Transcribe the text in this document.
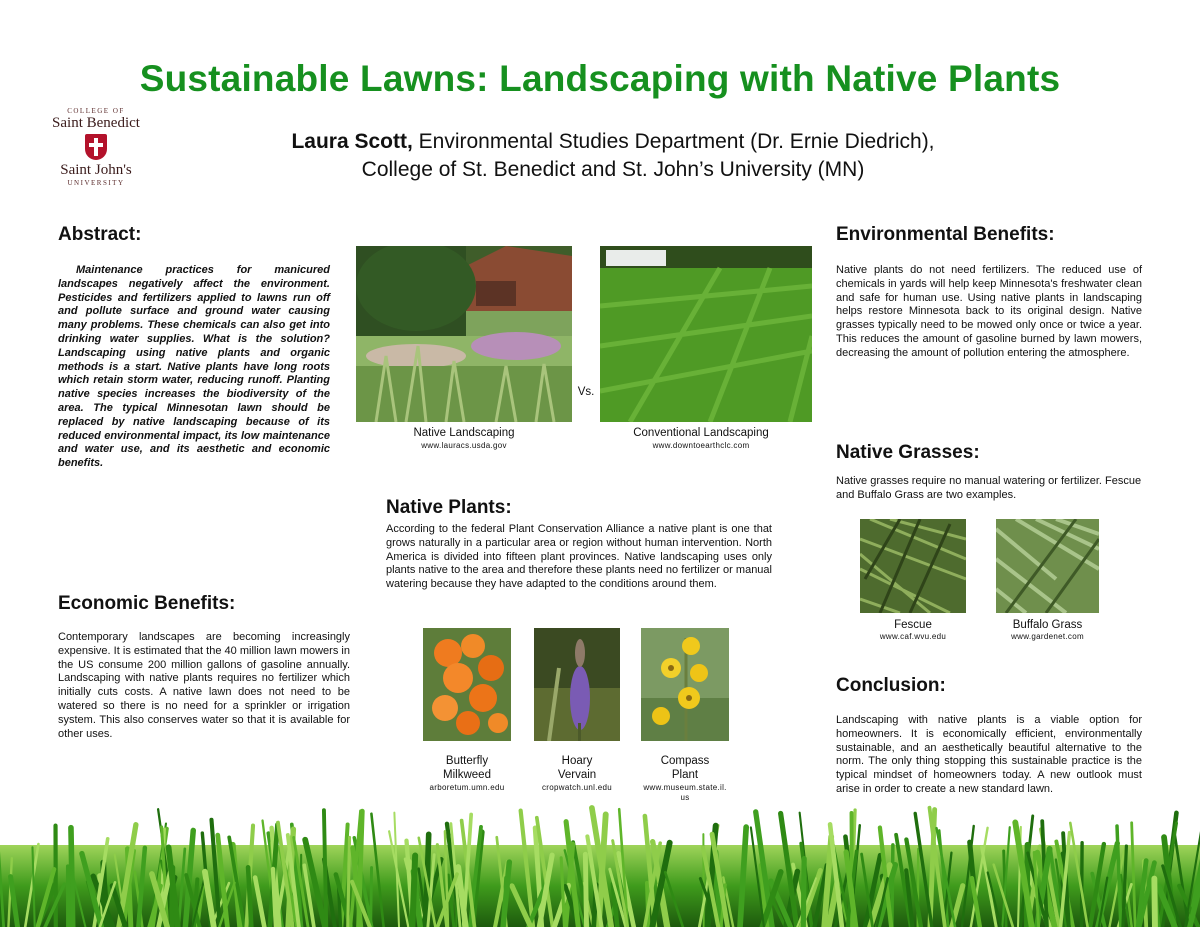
Sustainable Lawns: Landscaping with Native Plants
Laura Scott, Environmental Studies Department (Dr. Ernie Diedrich),
College of St. Benedict and St. John’s University (MN)
COLLEGE OF
Saint Benedict
Saint John's
UNIVERSITY
Abstract:
Maintenance practices for manicured landscapes negatively affect the environment. Pesticides and fertilizers applied to lawns run off and pollute surface and ground water causing many problems. These chemicals can also get into drinking water supplies. What is the solution? Landscaping using native plants and organic methods is a start. Native plants have long roots which retain storm water, reducing runoff. Planting native species increases the biodiversity of the area. The typical Minnesotan lawn should be replaced by native landscaping because of its reduced environmental impact, its low maintenance and water use, and its aesthetic and economic benefits.
Economic Benefits:
Contemporary landscapes are becoming increasingly expensive. It is estimated that the 40 million lawn mowers in the US consume 200 million gallons of gasoline annually. Landscaping with native plants requires no fertilizer which initially cuts costs. A native lawn does not need to be watered so there is no need for a sprinkler or irrigation system. This also conserves water so that it is available for other uses.
Native Landscaping
www.lauracs.usda.gov
Vs.
Conventional Landscaping
www.downtoearthclc.com
Native Plants:
According to the federal Plant Conservation Alliance a native plant is one that grows naturally in a particular area or region without human intervention. North America is divided into fifteen plant provinces. Native landscaping uses only plants native to the area and therefore these plants need no fertilizer or manual watering because they have adapted to the conditions around them.
Butterfly
Milkweed
arboretum.umn.edu
Hoary
Vervain
cropwatch.unl.edu
Compass
Plant
www.museum.state.il.us
Environmental Benefits:
Native plants do not need fertilizers. The reduced use of chemicals in yards will help keep Minnesota's freshwater clean and safe for human use. Using native plants in landscaping helps restore Minnesota back to its original design. Native grasses typically need to be mowed only once or twice a year. This reduces the amount of gasoline burned by lawn mowers, decreasing the amount of pollution entering the atmosphere.
Native Grasses:
Native grasses require no manual watering or fertilizer. Fescue and Buffalo Grass are two examples.
Fescue
www.caf.wvu.edu
Buffalo Grass
www.gardenet.com
Conclusion:
Landscaping with native plants is a viable option for homeowners. It is economically efficient, environmentally sustainable, and an aesthetically beautiful alternative to the norm. The only thing stopping this sustainable practice is the typical mindset of homeowners today. A new outlook must arise in order to create a new standard lawn.
